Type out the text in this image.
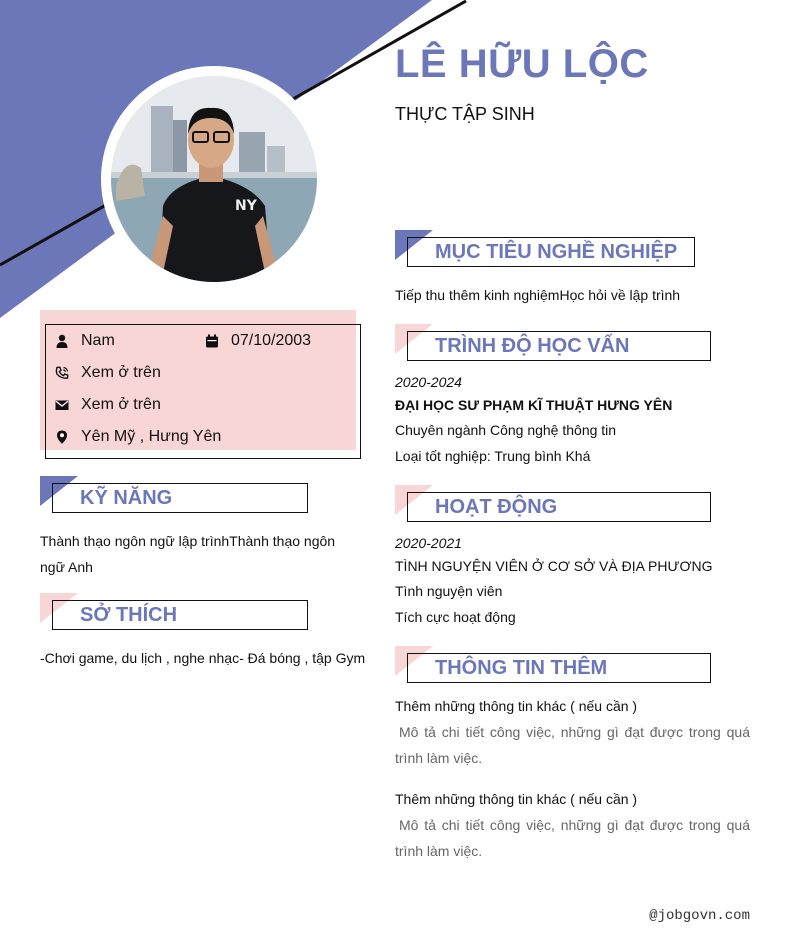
NY
LÊ HỮU LỘC
THỰC TẬP SINH
Nam	07/10/2003
Xem ở trên
Xem ở trên
Yên Mỹ , Hưng Yên
KỸ NĂNG
Thành thạo ngôn ngữ lập trìnhThành thạo ngôn ngữ Anh
SỞ THÍCH
-Chơi game, du lịch , nghe nhạc- Đá bóng , tập Gym
MỤC TIÊU NGHỀ NGHIỆP
Tiếp thu thêm kinh nghiệmHọc hỏi về lập trình
TRÌNH ĐỘ HỌC VẤN
2020-2024
ĐẠI HỌC SƯ PHẠM KĨ THUẬT HƯNG YÊN
Chuyên ngành Công nghệ thông tin
Loại tốt nghiệp: Trung bình Khá
HOẠT ĐỘNG
2020-2021
TÌNH NGUYỆN VIÊN Ở CƠ SỞ VÀ ĐỊA PHƯƠNG
Tình nguyện viên
Tích cực hoạt động
THÔNG TIN THÊM
Thêm những thông tin khác ( nếu cần )
Mô tả chi tiết công việc, những gì đạt được trong quá trình làm việc.
Thêm những thông tin khác ( nếu cần )
Mô tả chi tiết công việc, những gì đạt được trong quá trình làm việc.
@jobgovn.com
